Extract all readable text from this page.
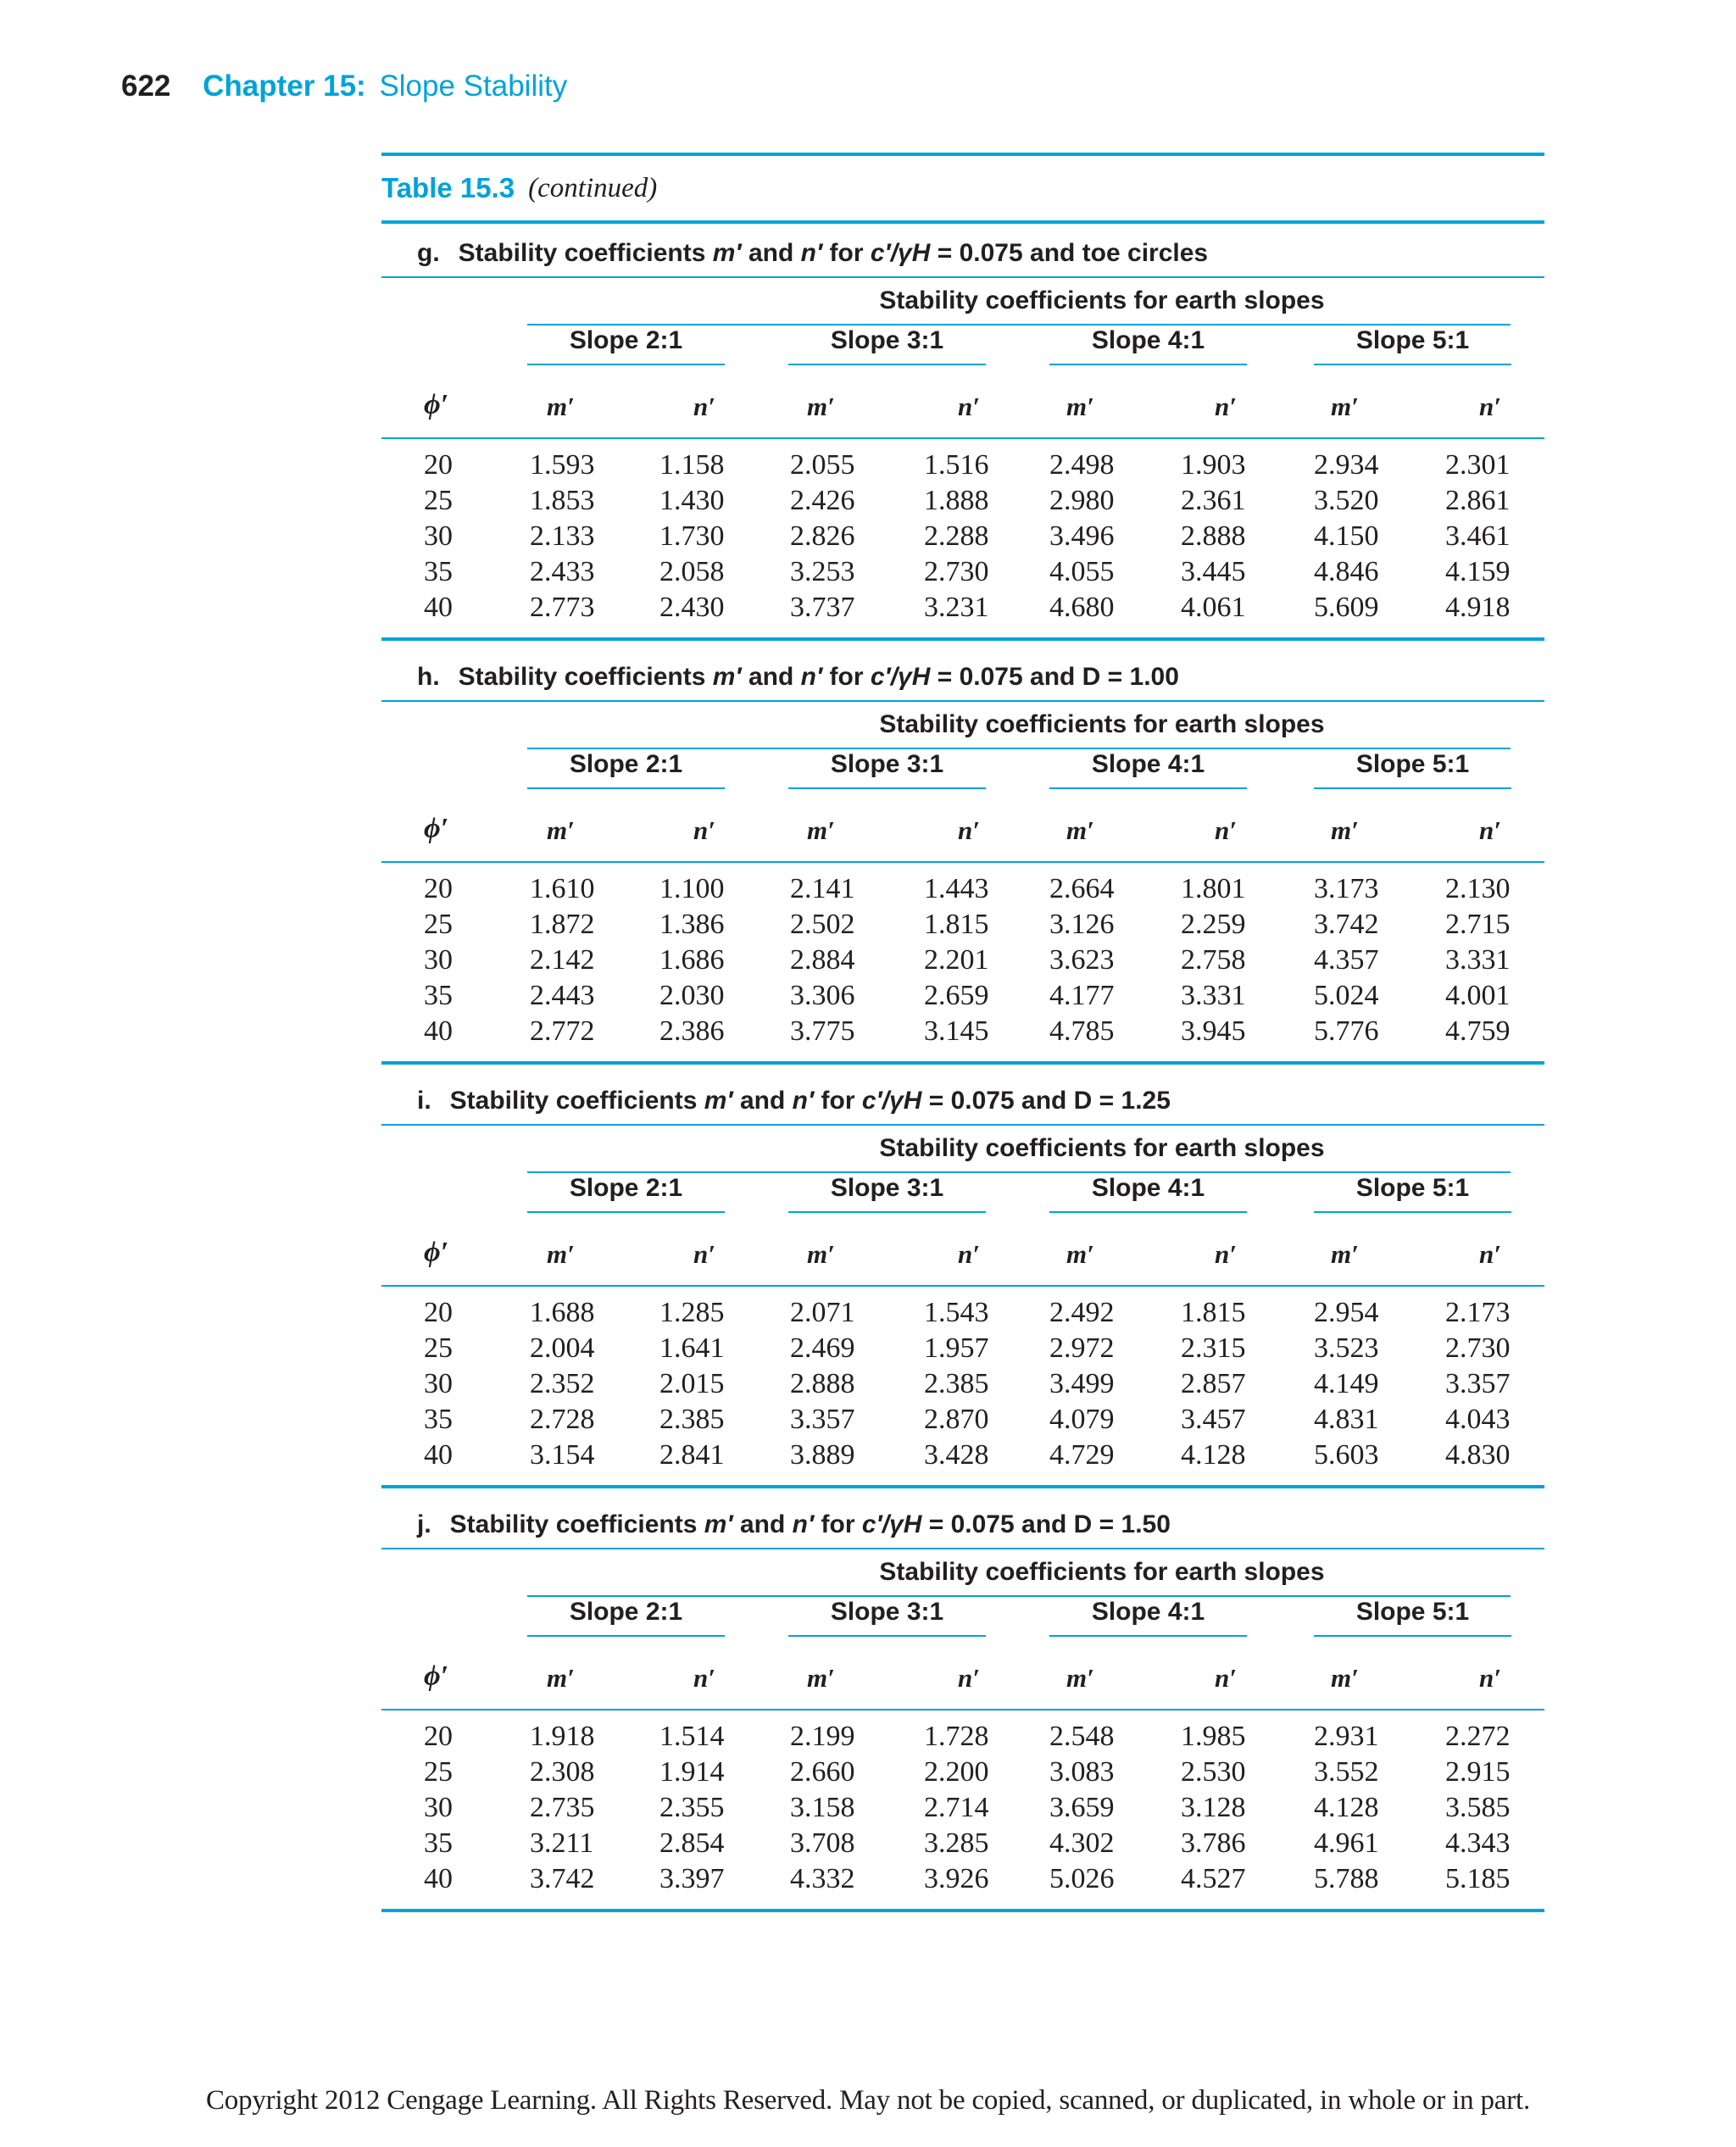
622 Chapter 15: Slope Stability
Table 15.3 (continued)
g. Stability coefficients m′ and n′ for c′/γH = 0.075 and toe circles
Stability coefficients for earth slopes
Slope 2:1	Slope 3:1	Slope 4:1	Slope 5:1
ϕ′	m′	n′	m′	n′	m′	n′	m′	n′
20	1.593 1.158 2.055 1.516 2.498 1.903 2.934 2.301
25	1.853 1.430 2.426 1.888 2.980 2.361 3.520 2.861
30	2.133 1.730 2.826 2.288 3.496 2.888 4.150 3.461
35	2.433 2.058 3.253 2.730 4.055 3.445 4.846 4.159
40	2.773 2.430 3.737 3.231 4.680 4.061 5.609 4.918
h. Stability coefficients m′ and n′ for c′/γH = 0.075 and D = 1.00
Stability coefficients for earth slopes
Slope 2:1	Slope 3:1	Slope 4:1	Slope 5:1
ϕ′	m′	n′	m′	n′	m′	n′	m′	n′
20	1.610 1.100 2.141 1.443 2.664 1.801 3.173 2.130
25	1.872 1.386 2.502 1.815 3.126 2.259 3.742 2.715
30	2.142 1.686 2.884 2.201 3.623 2.758 4.357 3.331
35	2.443 2.030 3.306 2.659 4.177 3.331 5.024 4.001
40	2.772 2.386 3.775 3.145 4.785 3.945 5.776 4.759
i. Stability coefficients m′ and n′ for c′/γH = 0.075 and D = 1.25
Stability coefficients for earth slopes
Slope 2:1	Slope 3:1	Slope 4:1	Slope 5:1
ϕ′	m′	n′	m′	n′	m′	n′	m′	n′
20	1.688 1.285 2.071 1.543 2.492 1.815 2.954 2.173
25	2.004 1.641 2.469 1.957 2.972 2.315 3.523 2.730
30	2.352 2.015 2.888 2.385 3.499 2.857 4.149 3.357
35	2.728 2.385 3.357 2.870 4.079 3.457 4.831 4.043
40	3.154 2.841 3.889 3.428 4.729 4.128 5.603 4.830
j. Stability coefficients m′ and n′ for c′/γH = 0.075 and D = 1.50
Stability coefficients for earth slopes
Slope 2:1	Slope 3:1	Slope 4:1	Slope 5:1
ϕ′	m′	n′	m′	n′	m′	n′	m′	n′
20	1.918 1.514 2.199 1.728 2.548 1.985 2.931 2.272
25	2.308 1.914 2.660 2.200 3.083 2.530 3.552 2.915
30	2.735 2.355 3.158 2.714 3.659 3.128 4.128 3.585
35	3.211 2.854 3.708 3.285 4.302 3.786 4.961 4.343
40	3.742 3.397 4.332 3.926 5.026 4.527 5.788 5.185
Copyright 2012 Cengage Learning. All Rights Reserved. May not be copied, scanned, or duplicated, in whole or in part.
